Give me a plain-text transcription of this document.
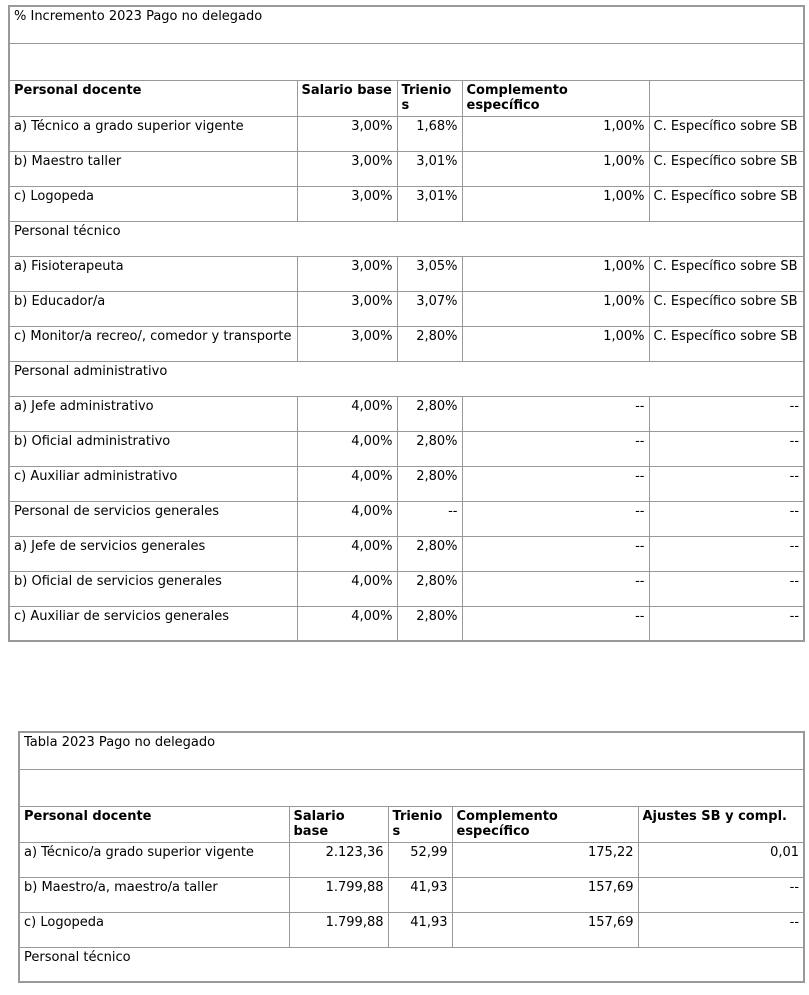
% Incremento 2023 Pago no delegado				

Personal docente	Salario base	Trienios	Complemento específico	
a) Técnico a grado superior vigente	3,00%	1,68%	1,00%	C. Específico sobre SB
b) Maestro taller	3,00%	3,01%	1,00%	C. Específico sobre SB
c) Logopeda	3,00%	3,01%	1,00%	C. Específico sobre SB
Personal técnico				
a) Fisioterapeuta	3,00%	3,05%	1,00%	C. Específico sobre SB
b) Educador/a	3,00%	3,07%	1,00%	C. Específico sobre SB
c) Monitor/a recreo/, comedor y transporte	3,00%	2,80%	1,00%	C. Específico sobre SB
Personal administrativo				
a) Jefe administrativo	4,00%	2,80%	--	--
b) Oficial administrativo	4,00%	2,80%	--	--
c) Auxiliar administrativo	4,00%	2,80%	--	--
Personal de servicios generales	4,00%	--	--	--
a) Jefe de servicios generales	4,00%	2,80%	--	--
b) Oficial de servicios generales	4,00%	2,80%	--	--
c) Auxiliar de servicios generales	4,00%	2,80%	--	--
Tabla 2023 Pago no delegado				

Personal docente	Salario base	Trienios	Complemento específico	Ajustes SB y compl.
a) Técnico/a grado superior vigente	2.123,36	52,99	175,22	0,01
b) Maestro/a, maestro/a taller	1.799,88	41,93	157,69	--
c) Logopeda	1.799,88	41,93	157,69	--
Personal técnico				
